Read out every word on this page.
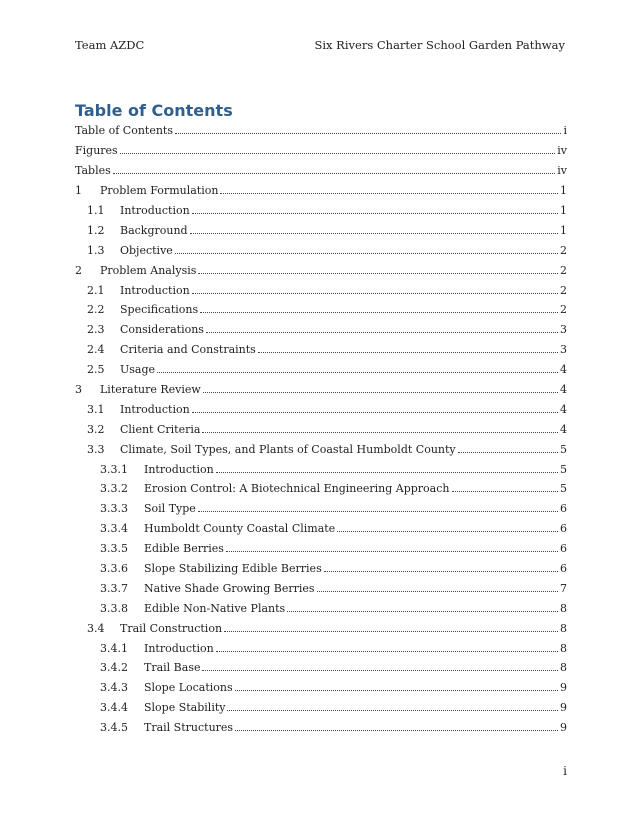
Team AZDC	Six Rivers Charter School Garden Pathway
Table of Contents
Table of Contents	i
Figures	iv
Tables	iv
1	Problem Formulation	1
1.1	Introduction	1
1.2	Background	1
1.3	Objective	2
2	Problem Analysis	2
2.1	Introduction	2
2.2	Specifications	2
2.3	Considerations	3
2.4	Criteria and Constraints	3
2.5	Usage	4
3	Literature Review	4
3.1	Introduction	4
3.2	Client Criteria	4
3.3	Climate, Soil Types, and Plants of Coastal Humboldt County	5
3.3.1	Introduction	5
3.3.2	Erosion Control: A Biotechnical Engineering Approach	5
3.3.3	Soil Type	6
3.3.4	Humboldt County Coastal Climate	6
3.3.5	Edible Berries	6
3.3.6	Slope Stabilizing Edible Berries	6
3.3.7	Native Shade Growing Berries	7
3.3.8	Edible Non-Native Plants	8
3.4	Trail Construction	8
3.4.1	Introduction	8
3.4.2	Trail Base	8
3.4.3	Slope Locations	9
3.4.4	Slope Stability	9
3.4.5	Trail Structures	9
i
